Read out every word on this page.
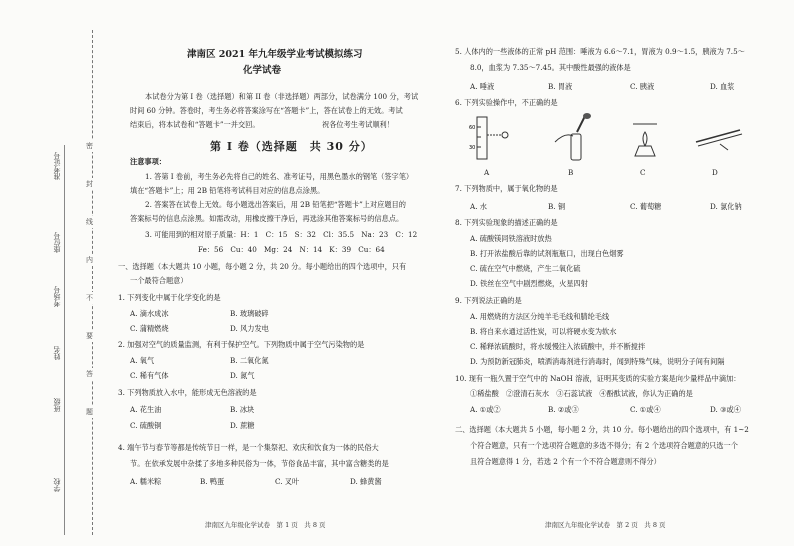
学校
班级
姓名
考场号
座位号
准考证号
密
封
线
内
不
要
答
题
津南区 2021 年九年级学业考试模拟练习
化学试卷
本试卷分为第 I 卷（选择题）和第 II 卷（非选择题）两部分，试卷满分 100 分，考试
时间 60 分钟。答卷时，考生务必将答案涂写在“答题卡”上，答在试卷上的无效。考试
结束后，将本试卷和“答题卡”一并交回。	祝各位考生考试顺利！
第 I 卷（选择题　共 30 分）
注意事项：
1. 答第 I 卷前，考生务必先将自己的姓名、准考证号，用黑色墨水的钢笔（签字笔）
填在“答题卡”上；用 2B 铅笔将考试科目对应的信息点涂黑。
2. 答案答在试卷上无效。每小题选出答案后，用 2B 铅笔把“答题卡”上对应题目的
答案标号的信息点涂黑。如需改动，用橡皮擦干净后，再选涂其他答案标号的信息点。
3. 可能用到的相对原子质量：H：1　C：15　S：32　Cl：35.5　Na：23　C：12
Fe：56　Cu：40　Mg：24　N：14　K：39　Cu：64
一、选择题（本大题共 10 小题，每小题 2 分，共 20 分。每小题给出的四个选项中，只有
一个最符合题意）
1. 下列变化中属于化学变化的是
A. 滴水成冰	B. 玻璃破碎
C. 蒲精燃烧	D. 风力发电
2. 加强对空气的质量监测，有利于保护空气。下列物质中属于空气污染物的是
A. 氧气	B. 二氧化氮
C. 稀有气体	D. 氮气
3. 下列物质放入水中，能形成无色溶液的是
A. 花生油	B. 冰块
C. 硫酸铜	D. 蔗糖
4. 端午节与春节等都是传统节日一样，是一个集祭祀、欢庆和饮食为一体的民俗大
节。在依承发展中杂揉了多地多种民俗为一体，节俗食品丰富，其中富含糖类的是
A. 糯米粽	B. 鸭蛋	C. 叉叶	D. 蜂黄酱
津南区九年级化学试卷　第 1 页　共 8 页
5. 人体内的一些液体的正常 pH 范围：唾液为 6.6～7.1，胃液为 0.9～1.5，胰液为 7.5～
8.0，血浆为 7.35～7.45。其中酸性最强的液体是
A. 唾液	B. 胃液	C. 胰液	D. 血浆
6. 下列实验操作中，不正确的是
60
30
A	B	C	D
7. 下列物质中，属于氧化物的是
A. 水	B. 铜	C. 葡萄糖	D. 氯化钠
8. 下列实验现象的描述正确的是
A. 硫酸镁同铁溶液时放热
B. 打开浓盐酸后靠的试剂瓶瓶口，出现白色烟雾
C. 硫在空气中燃烧，产生二氧化硫
D. 铁丝在空气中剧烈燃烧，火星四射
9. 下列说法正确的是
A. 用燃烧的方法区分纯羊毛毛线和腈纶毛线
B. 将自来水通过活性炭，可以将硬水变为软水
C. 稀释浓硫酸时，将水缓慢注入浓硫酸中，并不断搅拌
D. 为预防新冠肺炎，喷洒消毒剂进行消毒时，闻到特殊气味，说明分子间有间隔
10. 现有一瓶久置于空气中的 NaOH 溶液，证明其变质的实验方案是向少量样品中滴加：
①稀盐酸　②澄清石灰水　③石蕊试液　④酚酞试液，你认为正确的是
A. ①或②	B. ②或③	C. ①或④	D. ③或④
二、选择题（本大题共 5 小题，每小题 2 分，共 10 分。每小题给出的四个选项中，有 1~2
个符合题意，只有一个选项符合题意的多选不得分；有 2 个选项符合题意的只选一个
且符合题意得 1 分，若选 2 个有一个不符合题意则不得分）
津南区九年级化学试卷　第 2 页　共 8 页
